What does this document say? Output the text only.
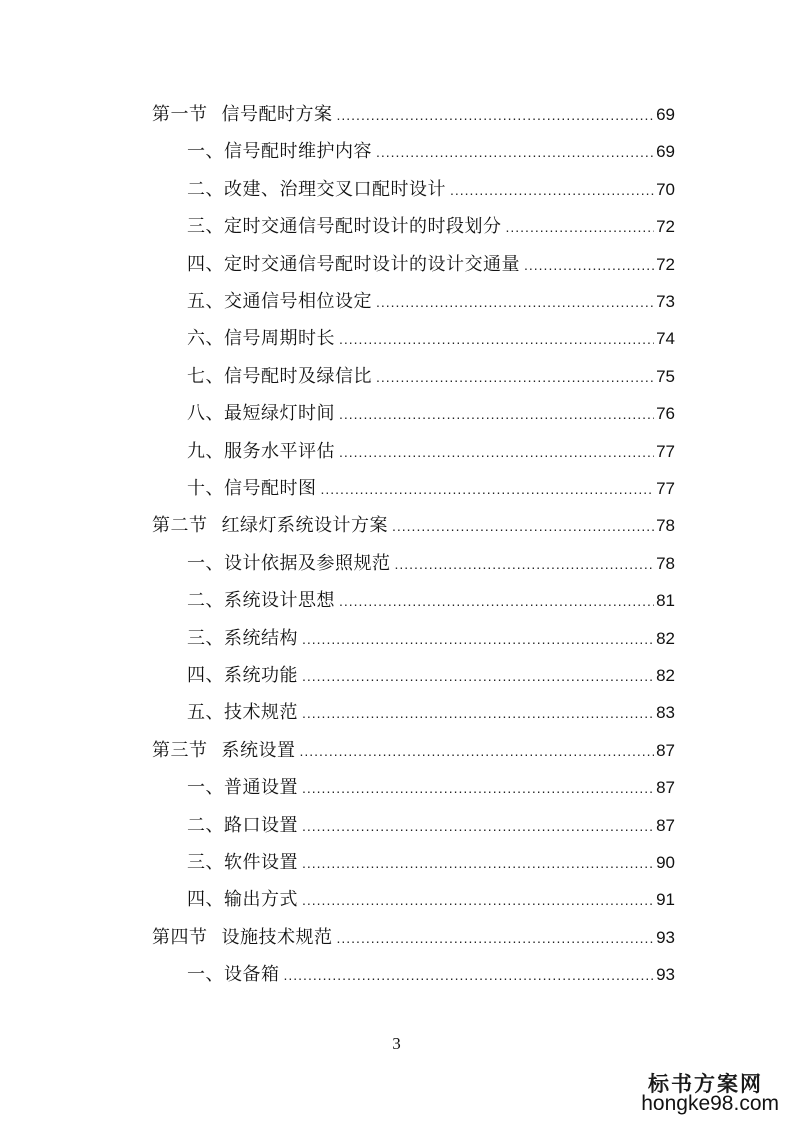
第一节 信号配时方案 .....	69
一、信号配时维护内容 .....	69
二、改建、治理交叉口配时设计 .....	70
三、定时交通信号配时设计的时段划分 .....	72
四、定时交通信号配时设计的设计交通量 .....	72
五、交通信号相位设定 .....	73
六、信号周期时长 .....	74
七、信号配时及绿信比 .....	75
八、最短绿灯时间 .....	76
九、服务水平评估 .....	77
十、信号配时图 .....	77
第二节 红绿灯系统设计方案 .....	78
一、设计依据及参照规范 .....	78
二、系统设计思想 .....	81
三、系统结构 .....	82
四、系统功能 .....	82
五、技术规范 .....	83
第三节 系统设置 .....	87
一、普通设置 .....	87
二、路口设置 .....	87
三、软件设置 .....	90
四、输出方式 .....	91
第四节 设施技术规范 .....	93
一、设备箱 .....	93
3
标书方案网
hongke98.com
